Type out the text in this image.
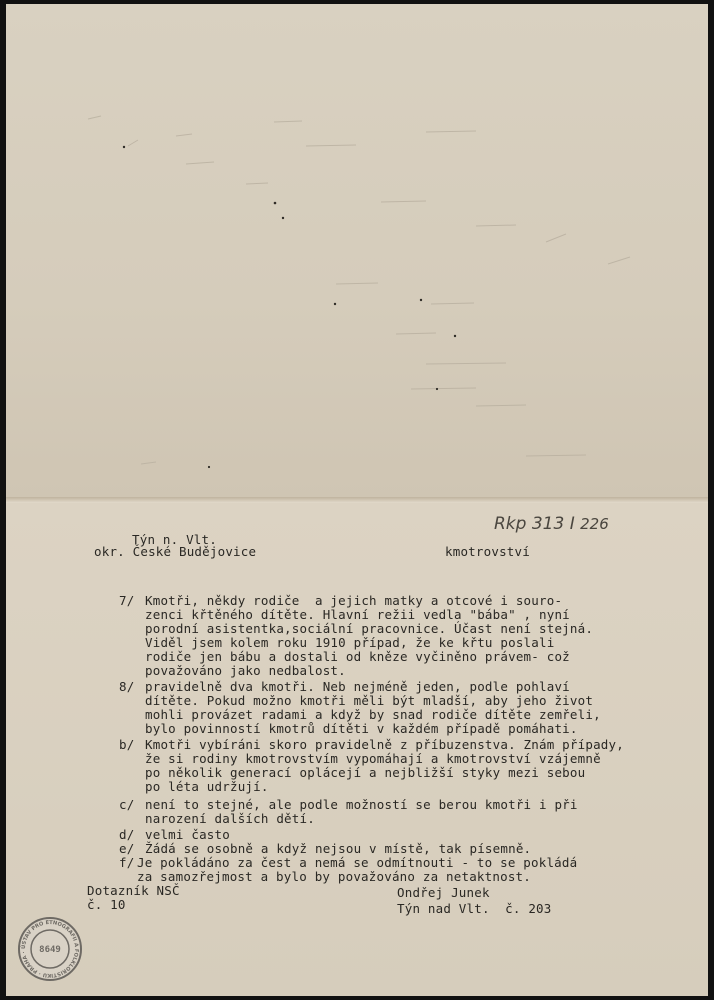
Týn n. Vlt.
okr. České Budějovice	kmotrovství
Rkp 313 I 226
7/ Kmotři, někdy rodiče  a jejich matky a otcové i souro-
zenci křtěného dítěte. Hlavní režii vedla "bába" , nyní
porodní asistentka,sociální pracovnice. Účast není stejná.
Viděl jsem kolem roku 1910 případ, že ke křtu poslali
rodiče jen bábu a dostali od kněze vyčiněno právem- což
považováno jako nedbalost.
8/ pravidelně dva kmotři. Neb nejméně jeden, podle pohlaví
dítěte. Pokud možno kmotři měli být mladší, aby jeho život
mohli provázet radami a když by snad rodiče dítěte zemřeli,
bylo povinností kmotrů dítěti v každém případě pomáhati.
b/ Kmotři vybíráni skoro pravidelně z příbuzenstva. Znám případy,
že si rodiny kmotrovstvím vypomáhají a kmotrovství vzájemně
po několik generací oplácejí a nejbližší styky mezi sebou
po léta udržují.
c/ není to stejné, ale podle možností se berou kmotři i při
narození dalších dětí.
d/ velmi často
e/ Žádá se osobně a když nejsou v místě, tak písemně.
f/ Je pokládáno za čest a nemá se odmítnouti - to se pokládá
za samozřejmost a bylo by považováno za netaktnost.
Dotazník NSČ
č. 10
Ondřej Junek
Týn nad Vlt.  č. 203
ÚSTAV PRO ETNOGRAFII A FOLKLORISTIKU · PRAHA ·	8649
